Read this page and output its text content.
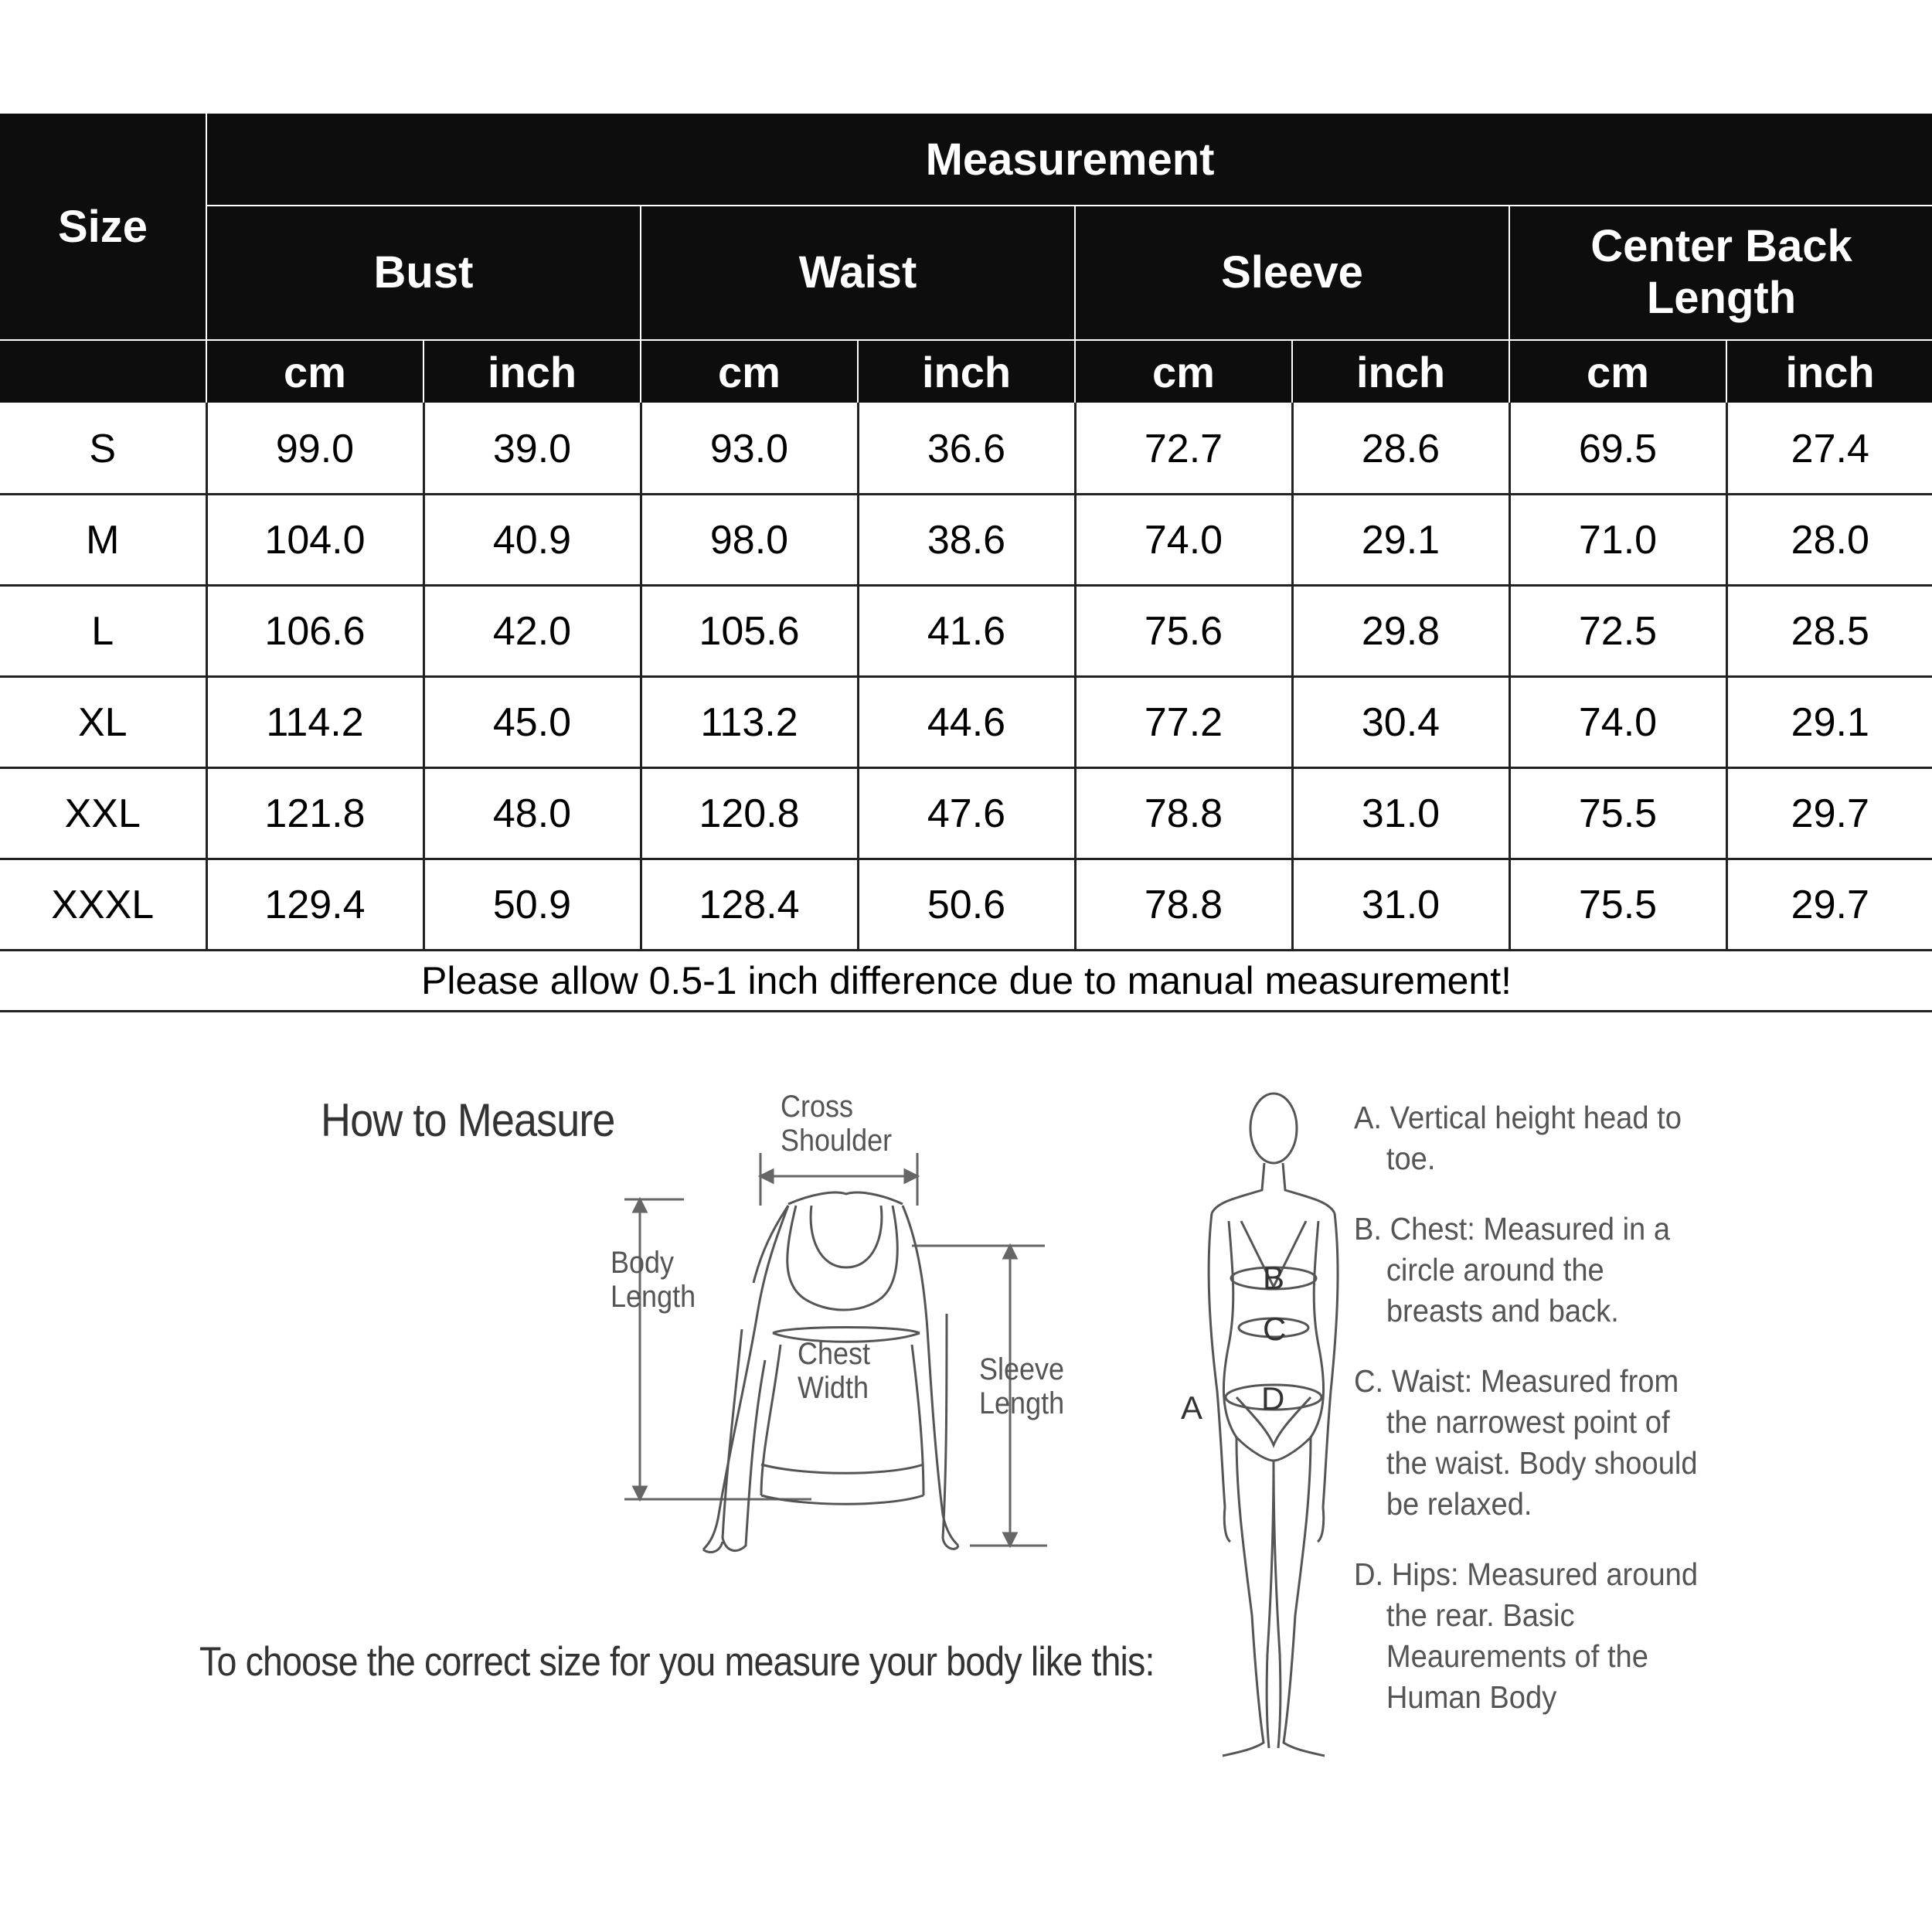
Size	Measurement							
	Bust		Waist		Sleeve		Center Back Length	
	cm	inch	cm	inch	cm	inch	cm	inch
S	99.0	39.0	93.0	36.6	72.7	28.6	69.5	27.4
M	104.0	40.9	98.0	38.6	74.0	29.1	71.0	28.0
L	106.6	42.0	105.6	41.6	75.6	29.8	72.5	28.5
XL	114.2	45.0	113.2	44.6	77.2	30.4	74.0	29.1
XXL	121.8	48.0	120.8	47.6	78.8	31.0	75.5	29.7
XXXL	129.4	50.9	128.4	50.6	78.8	31.0	75.5	29.7
Please allow 0.5-1 inch difference due to manual measurement!								
How to Measure	Cross
Shoulder
Body
Length
Chest
Width
Sleeve
Length	A
B
C
D
To choose the correct size for you measure your body like this:
A. Vertical height head to toe.
B. Chest: Measured in a circle around the breasts and back.
C. Waist: Measured from the narrowest point of the waist. Body shoould be relaxed.
D. Hips: Measured around the rear. Basic Meaurements of the Human Body
